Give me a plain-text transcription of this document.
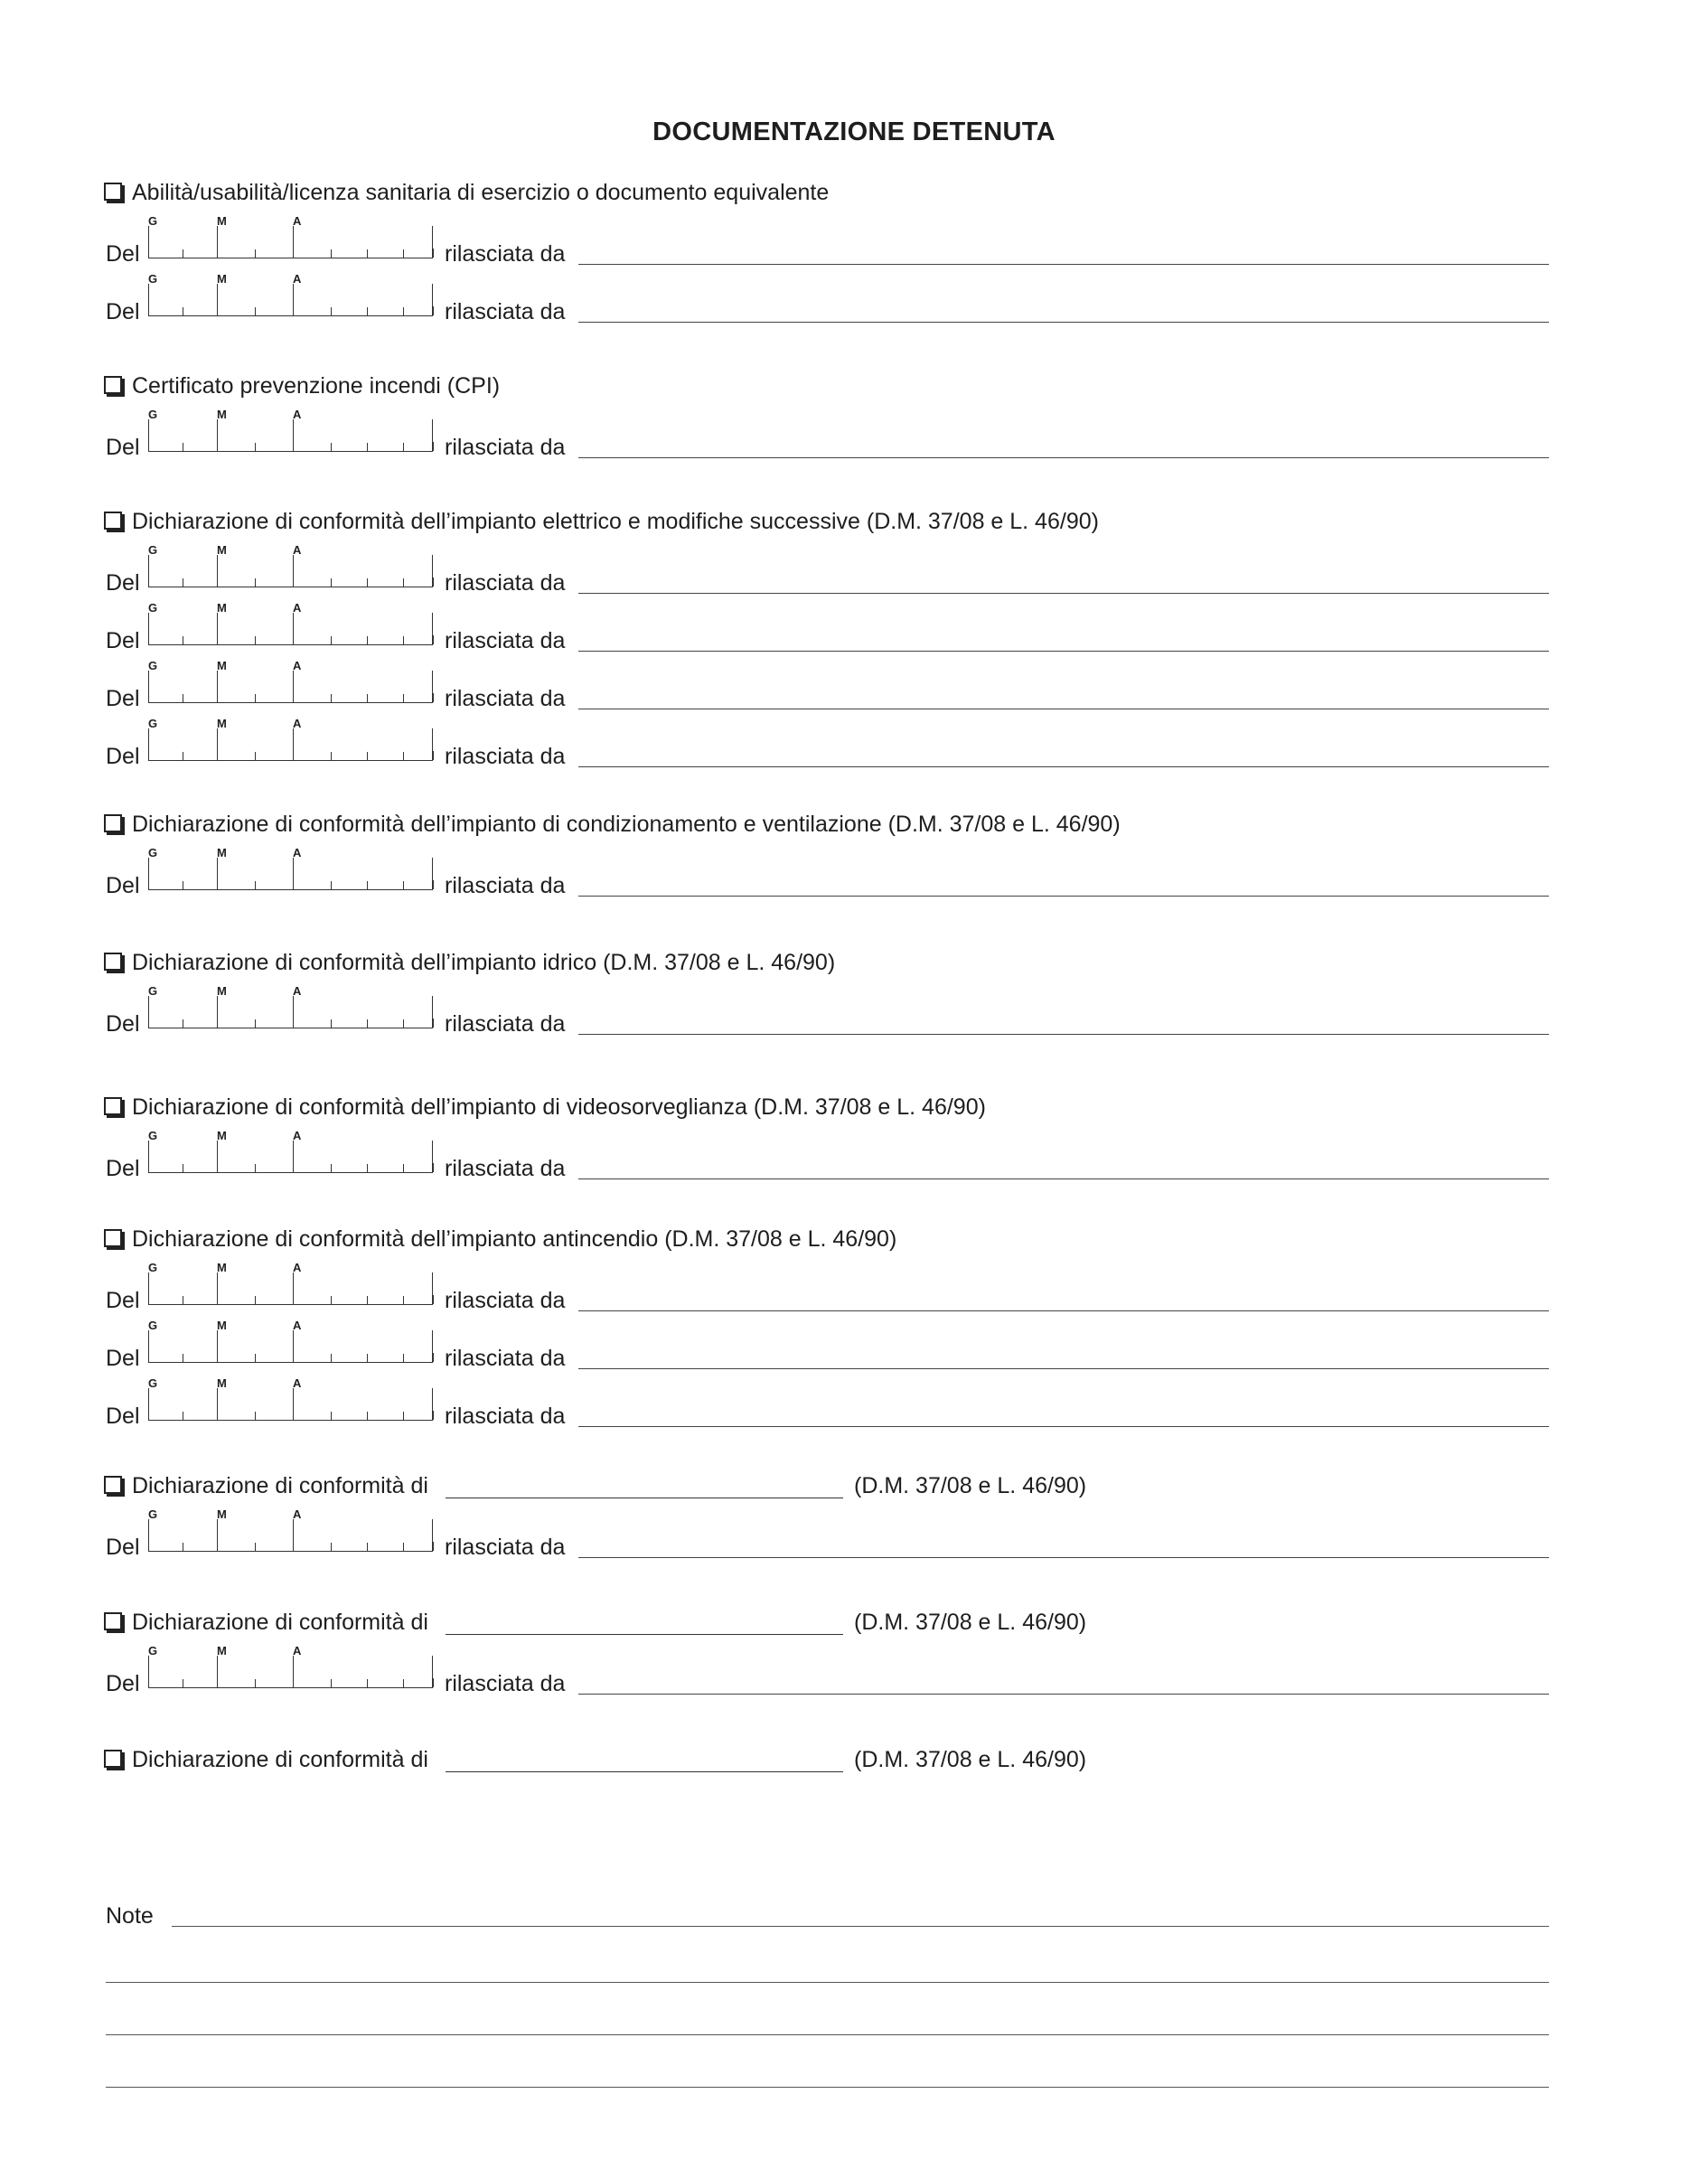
DOCUMENTAZIONE DETENUTA
Abilità/usabilità/licenza sanitaria di esercizio o documento equivalente
Del
G	M	A
rilasciata da
Del
G	M	A
rilasciata da
Certificato prevenzione incendi (CPI)
Del
G	M	A
rilasciata da
Dichiarazione di conformità dell’impianto elettrico e modifiche successive (D.M. 37/08 e L. 46/90)
Del
G	M	A
rilasciata da
Del
G	M	A
rilasciata da
Del
G	M	A
rilasciata da
Del
G	M	A
rilasciata da
Dichiarazione di conformità dell’impianto di condizionamento e ventilazione (D.M. 37/08 e L. 46/90)
Del
G	M	A
rilasciata da
Dichiarazione di conformità dell’impianto idrico (D.M. 37/08 e L. 46/90)
Del
G	M	A
rilasciata da
Dichiarazione di conformità dell’impianto di videosorveglianza (D.M. 37/08 e L. 46/90)
Del
G	M	A
rilasciata da
Dichiarazione di conformità dell’impianto antincendio (D.M. 37/08 e L. 46/90)
Del
G	M	A
rilasciata da
Del
G	M	A
rilasciata da
Del
G	M	A
rilasciata da
Dichiarazione di conformità di	(D.M. 37/08 e L. 46/90)
Del
G	M	A
rilasciata da
Dichiarazione di conformità di	(D.M. 37/08 e L. 46/90)
Del
G	M	A
rilasciata da
Dichiarazione di conformità di	(D.M. 37/08 e L. 46/90)
Note
